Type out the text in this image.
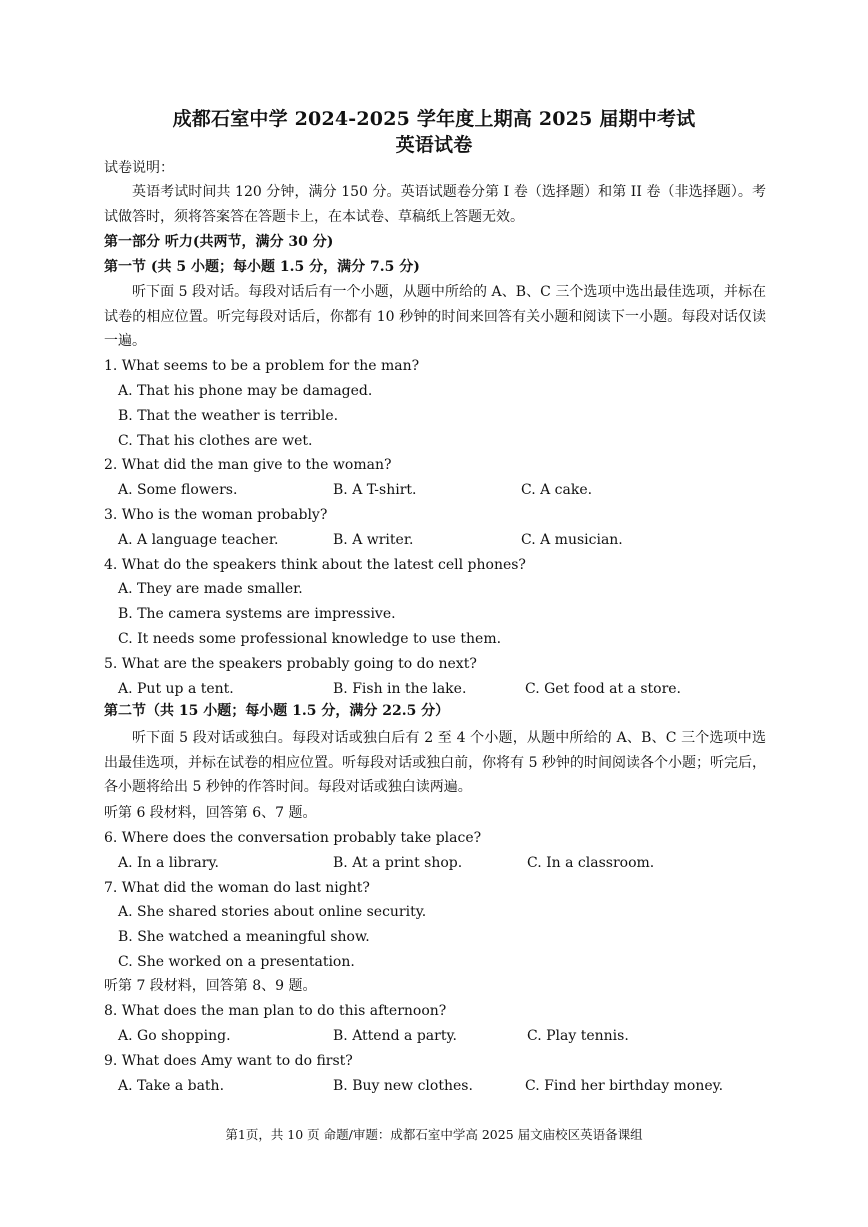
成都石室中学 2024-2025 学年度上期高 2025 届期中考试
英语试卷
试卷说明：
英语考试时间共 120 分钟，满分 150 分。英语试题卷分第 I 卷（选择题）和第 II 卷（非选择题）。考试做答时，须将答案答在答题卡上，在本试卷、草稿纸上答题无效。
第一部分 听力(共两节，满分 30 分)
第一节 (共 5 小题；每小题 1.5 分，满分 7.5 分)
听下面 5 段对话。每段对话后有一个小题，从题中所给的 A、B、C 三个选项中选出最佳选项，并标在试卷的相应位置。听完每段对话后，你都有 10 秒钟的时间来回答有关小题和阅读下一小题。每段对话仅读一遍。
1. What seems to be a problem for the man?
A. That his phone may be damaged.
B. That the weather is terrible.
C. That his clothes are wet.
2. What did the man give to the woman?
A. Some flowers.	B. A T-shirt.	C. A cake.
3. Who is the woman probably?
A. A language teacher.	B. A writer.	C. A musician.
4. What do the speakers think about the latest cell phones?
A. They are made smaller.
B. The camera systems are impressive.
C. It needs some professional knowledge to use them.
5. What are the speakers probably going to do next?
A. Put up a tent.	B. Fish in the lake.	C. Get food at a store.
第二节（共 15 小题；每小题 1.5 分，满分 22.5 分）
听下面 5 段对话或独白。每段对话或独白后有 2 至 4 个小题，从题中所给的 A、B、C 三个选项中选出最佳选项，并标在试卷的相应位置。听每段对话或独白前，你将有 5 秒钟的时间阅读各个小题；听完后，各小题将给出 5 秒钟的作答时间。每段对话或独白读两遍。
听第 6 段材料，回答第 6、7 题。
6. Where does the conversation probably take place?
A. In a library.	B. At a print shop.	C. In a classroom.
7. What did the woman do last night?
A. She shared stories about online security.
B. She watched a meaningful show.
C. She worked on a presentation.
听第 7 段材料，回答第 8、9 题。
8. What does the man plan to do this afternoon?
A. Go shopping.	B. Attend a party.	C. Play tennis.
9. What does Amy want to do first?
A. Take a bath.	B. Buy new clothes.	C. Find her birthday money.
第1页，共 10 页 命题/审题：成都石室中学高 2025 届文庙校区英语备课组
